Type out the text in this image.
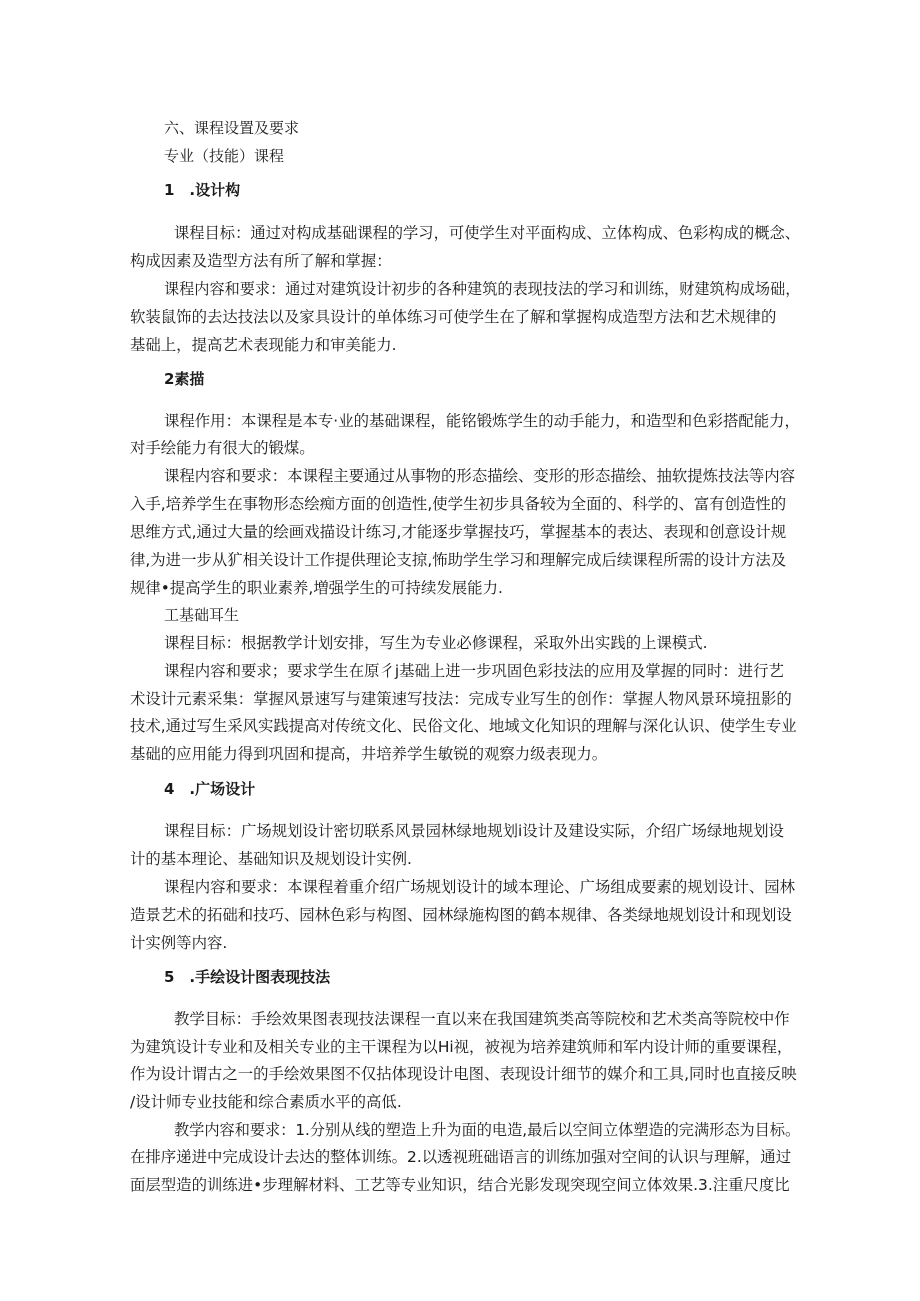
六、课程设置及要求
专业（技能）课程
1　.设计构
课程目标：通过对构成基础课程的学习，可使学生对平面构成、立体构成、色彩构成的概念、
构成因素及造型方法有所了解和掌握：
课程内容和要求：通过对建筑设计初步的各种建筑的表现技法的学习和训练，财建筑构成场础，
软装鼠饰的去达技法以及家具设计的单体练习可使学生在了解和掌握构成造型方法和艺术规律的
基础上，提高艺术表现能力和审美能力.
2素描
课程作用：本课程是本专·业的基础课程，能铭锻炼学生的动手能力，和造型和色彩搭配能力，
对手绘能力有很大的锻煤。
课程内容和要求：本课程主要通过从事物的形态描绘、变形的形态描绘、抽软提炼技法等内容
入手,培养学生在事物形态绘痴方面的创造性,使学生初步具备较为全面的、科学的、富有创造性的
思维方式,通过大量的绘画戏描设计练习,才能逐步掌握技巧，掌握基本的表达、表现和创意设计规
律,为进一步从犷相关设计工作提供理论支掠,怖助学生学习和理解完成后续课程所需的设计方法及
规律•提高学生的职业素养,増强学生的可持续发展能力.
工基础耳生
课程目标：根据教学计划安排，写生为专业必修课程，采取外出实践的上课模式.
课程内容和要求；要求学生在原彳j基础上进一步巩固色彩技法的应用及掌握的同时：进行艺
术设计元素采集：掌握风景速写与建策速写技法：完成专业写生的创作：掌握人物风景环境扭影的
技术,通过写生采风实践提高对传统文化、民俗文化、地域文化知识的理解与深化认识、使学生专业
基础的应用能力得到巩固和提高，井培养学生敏锐的观察力级表现力。
4　.广场设计
课程目标：广场规划设计密切联系风景园林绿地规划i设计及建设实际，介绍广场绿地规划设
计的基本理论、基础知识及规划设计实例.
课程内容和要求：本课程着重介绍广场规划设计的域本理论、广场组成要素的规划设计、园林
造景艺术的拓础和技巧、园林色彩与构图、园林绿施构图的鹤本规律、各类绿地规划设计和现划设
计实例等内容.
5　.手绘设计图表现技法
教学目标：手绘效果图表现技法课程一直以来在我国建筑类高等院校和艺术类高等院校中作
为建筑设计专业和及相关专业的主干课程为以Hi视，被视为培养建筑师和军内设计师的重要课程，
作为设计谓古之一的手绘效果图不仅拈体现设计电图、表现设计细节的媒介和工具,同时也直接反映
/设计师专业技能和综合素质水平的高低.
教学内容和要求：1.分别从线的塑造上升为面的电造,最后以空间立体塑造的完满形态为目标。
在排序递进中完成设计去达的整体训练。2.以透视班础语言的训练加强对空间的认识与理解，通过
面层型造的训练进•步理解材料、工艺等专业知识，结合光影发现突现空间立体效果.3.注重尺度比
